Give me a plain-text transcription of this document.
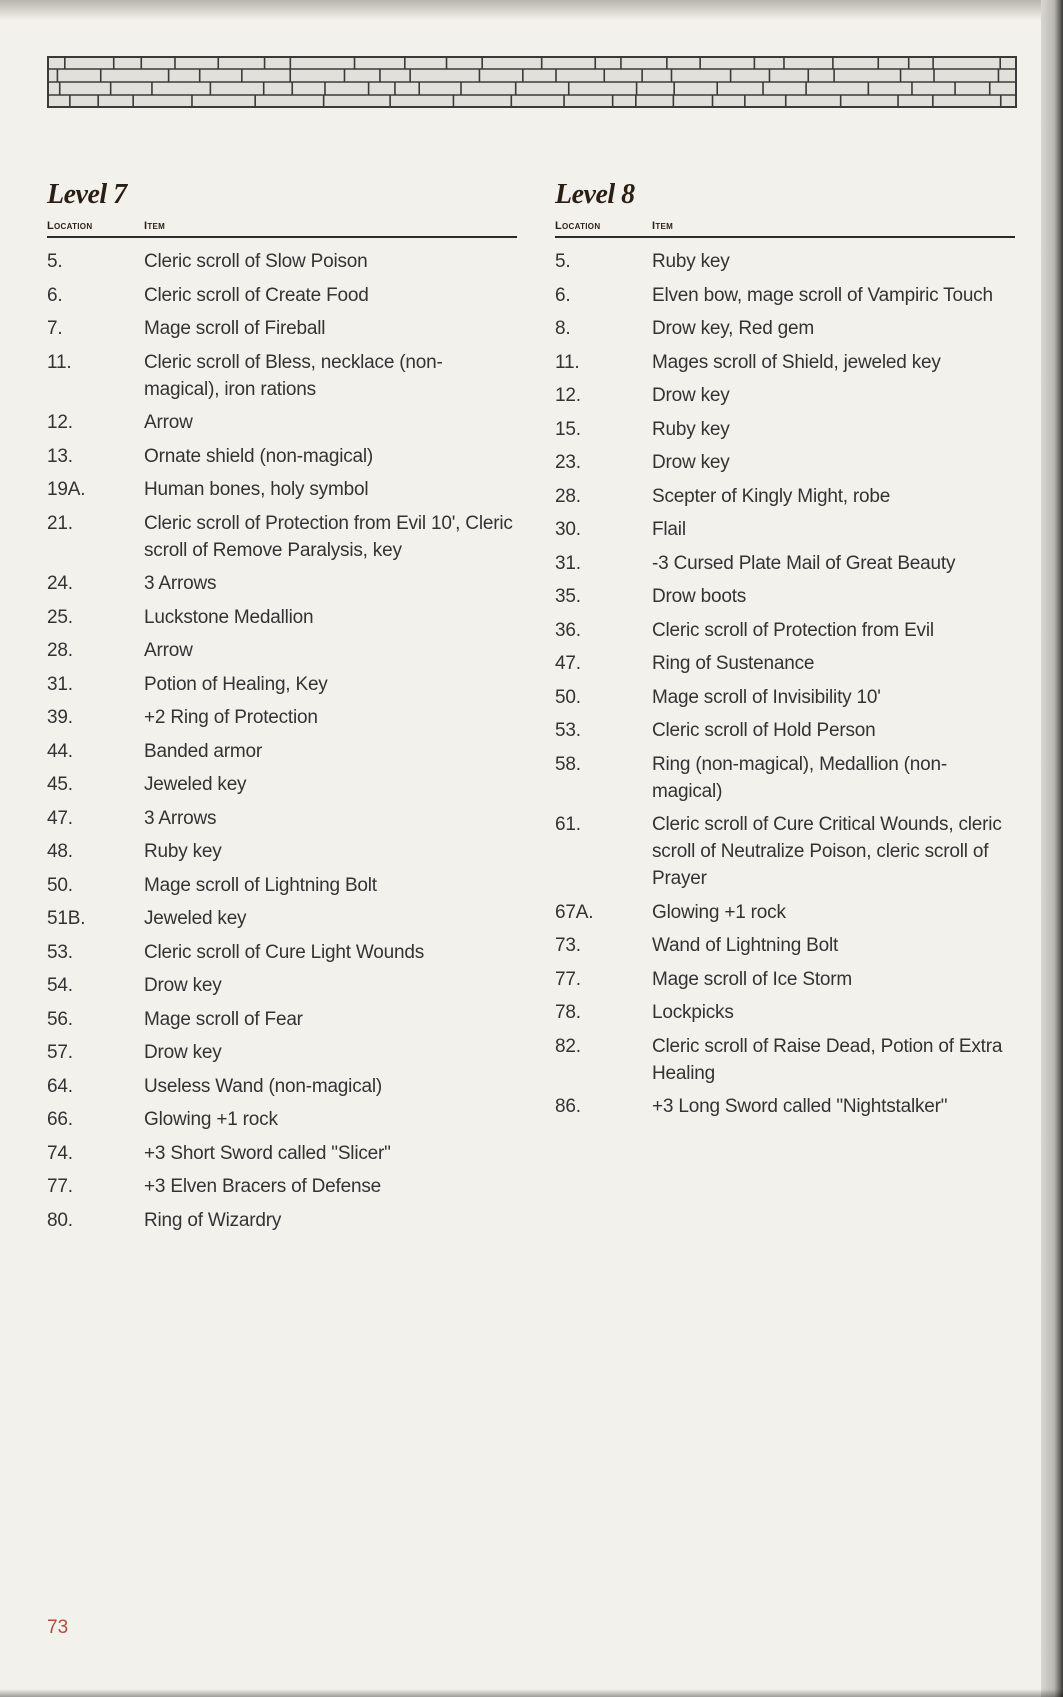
Level 7
Location	Item
5.	Cleric scroll of Slow Poison
6.	Cleric scroll of Create Food
7.	Mage scroll of Fireball
11.	Cleric scroll of Bless, necklace (non-magical), iron rations
12.	Arrow
13.	Ornate shield (non-magical)
19A.	Human bones, holy symbol
21.	Cleric scroll of Protection from Evil 10', Cleric scroll of Remove Paralysis, key
24.	3 Arrows
25.	Luckstone Medallion
28.	Arrow
31.	Potion of Healing, Key
39.	+2 Ring of Protection
44.	Banded armor
45.	Jeweled key
47.	3 Arrows
48.	Ruby key
50.	Mage scroll of Lightning Bolt
51B.	Jeweled key
53.	Cleric scroll of Cure Light Wounds
54.	Drow key
56.	Mage scroll of Fear
57.	Drow key
64.	Useless Wand (non-magical)
66.	Glowing +1 rock
74.	+3 Short Sword called "Slicer"
77.	+3 Elven Bracers of Defense
80.	Ring of Wizardry
Level 8
Location	Item
5.	Ruby key
6.	Elven bow, mage scroll of Vampiric Touch
8.	Drow key, Red gem
11.	Mages scroll of Shield, jeweled key
12.	Drow key
15.	Ruby key
23.	Drow key
28.	Scepter of Kingly Might, robe
30.	Flail
31.	-3 Cursed Plate Mail of Great Beauty
35.	Drow boots
36.	Cleric scroll of Protection from Evil
47.	Ring of Sustenance
50.	Mage scroll of Invisibility 10'
53.	Cleric scroll of Hold Person
58.	Ring (non-magical), Medallion (non-magical)
61.	Cleric scroll of Cure Critical Wounds, cleric scroll of Neutralize Poison, cleric scroll of Prayer
67A.	Glowing +1 rock
73.	Wand of Lightning Bolt
77.	Mage scroll of Ice Storm
78.	Lockpicks
82.	Cleric scroll of Raise Dead, Potion of Extra Healing
86.	+3 Long Sword called "Nightstalker"
73
